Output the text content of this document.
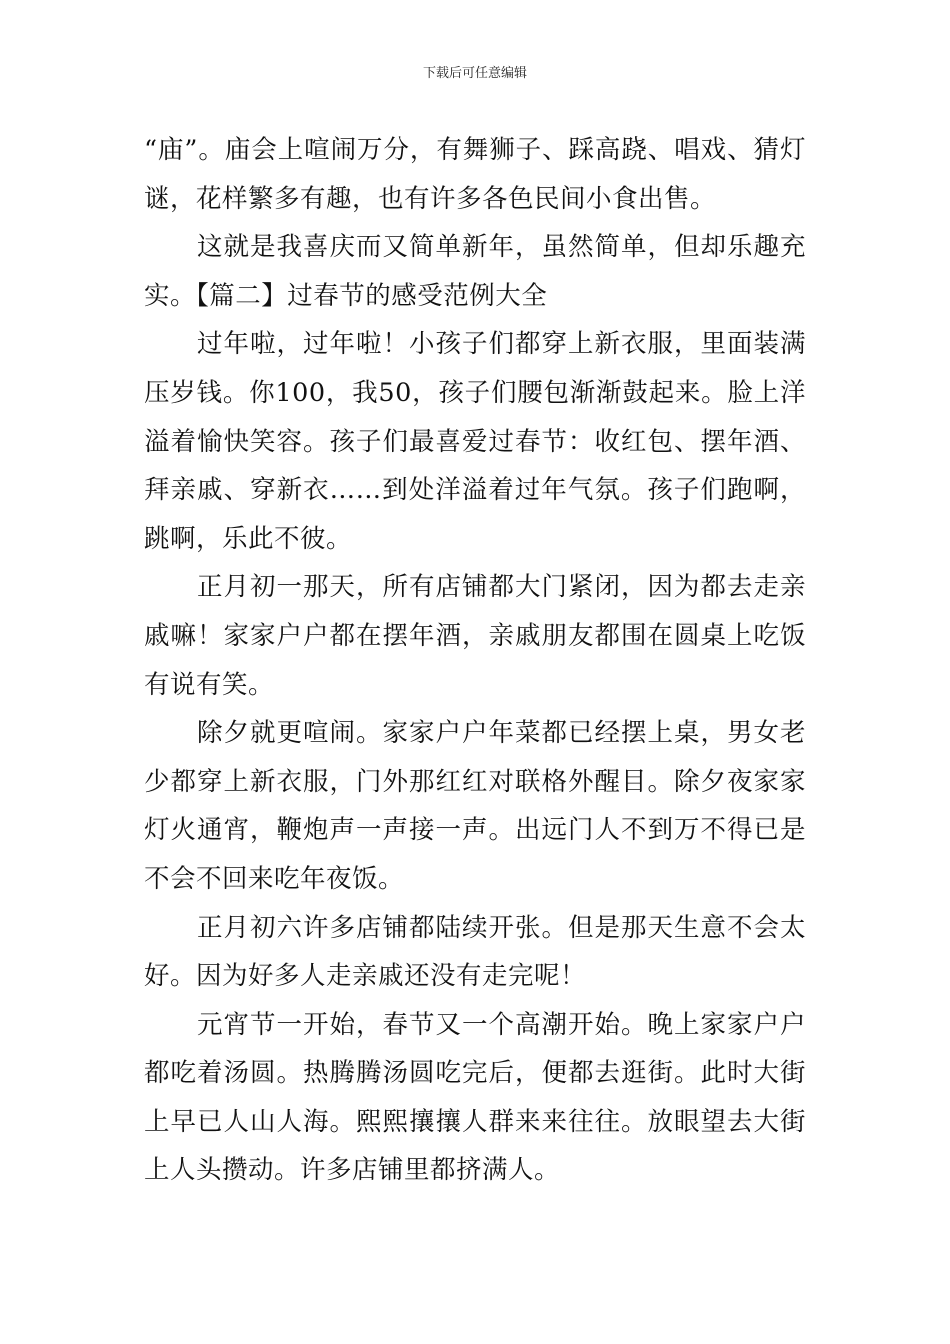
下载后可任意编辑

“庙”。庙会上喧闹万分，有舞狮子、踩高跷、唱戏、猜灯谜，花样繁多有趣，也有许多各色民间小食出售。

这就是我喜庆而又简单新年，虽然简单，但却乐趣充实。【篇二】过春节的感受范例大全

过年啦，过年啦！小孩子们都穿上新衣服，里面装满压岁钱。你100，我50，孩子们腰包渐渐鼓起来。脸上洋溢着愉快笑容。孩子们最喜爱过春节：收红包、摆年酒、拜亲戚、穿新衣……到处洋溢着过年气氛。孩子们跑啊，跳啊，乐此不彼。

正月初一那天，所有店铺都大门紧闭，因为都去走亲戚嘛！家家户户都在摆年酒，亲戚朋友都围在圆桌上吃饭有说有笑。

除夕就更喧闹。家家户户年菜都已经摆上桌，男女老少都穿上新衣服，门外那红红对联格外醒目。除夕夜家家灯火通宵，鞭炮声一声接一声。出远门人不到万不得已是不会不回来吃年夜饭。

正月初六许多店铺都陆续开张。但是那天生意不会太好。因为好多人走亲戚还没有走完呢！

元宵节一开始，春节又一个高潮开始。晚上家家户户都吃着汤圆。热腾腾汤圆吃完后，便都去逛街。此时大街上早已人山人海。熙熙攘攘人群来来往往。放眼望去大街上人头攒动。许多店铺里都挤满人。
